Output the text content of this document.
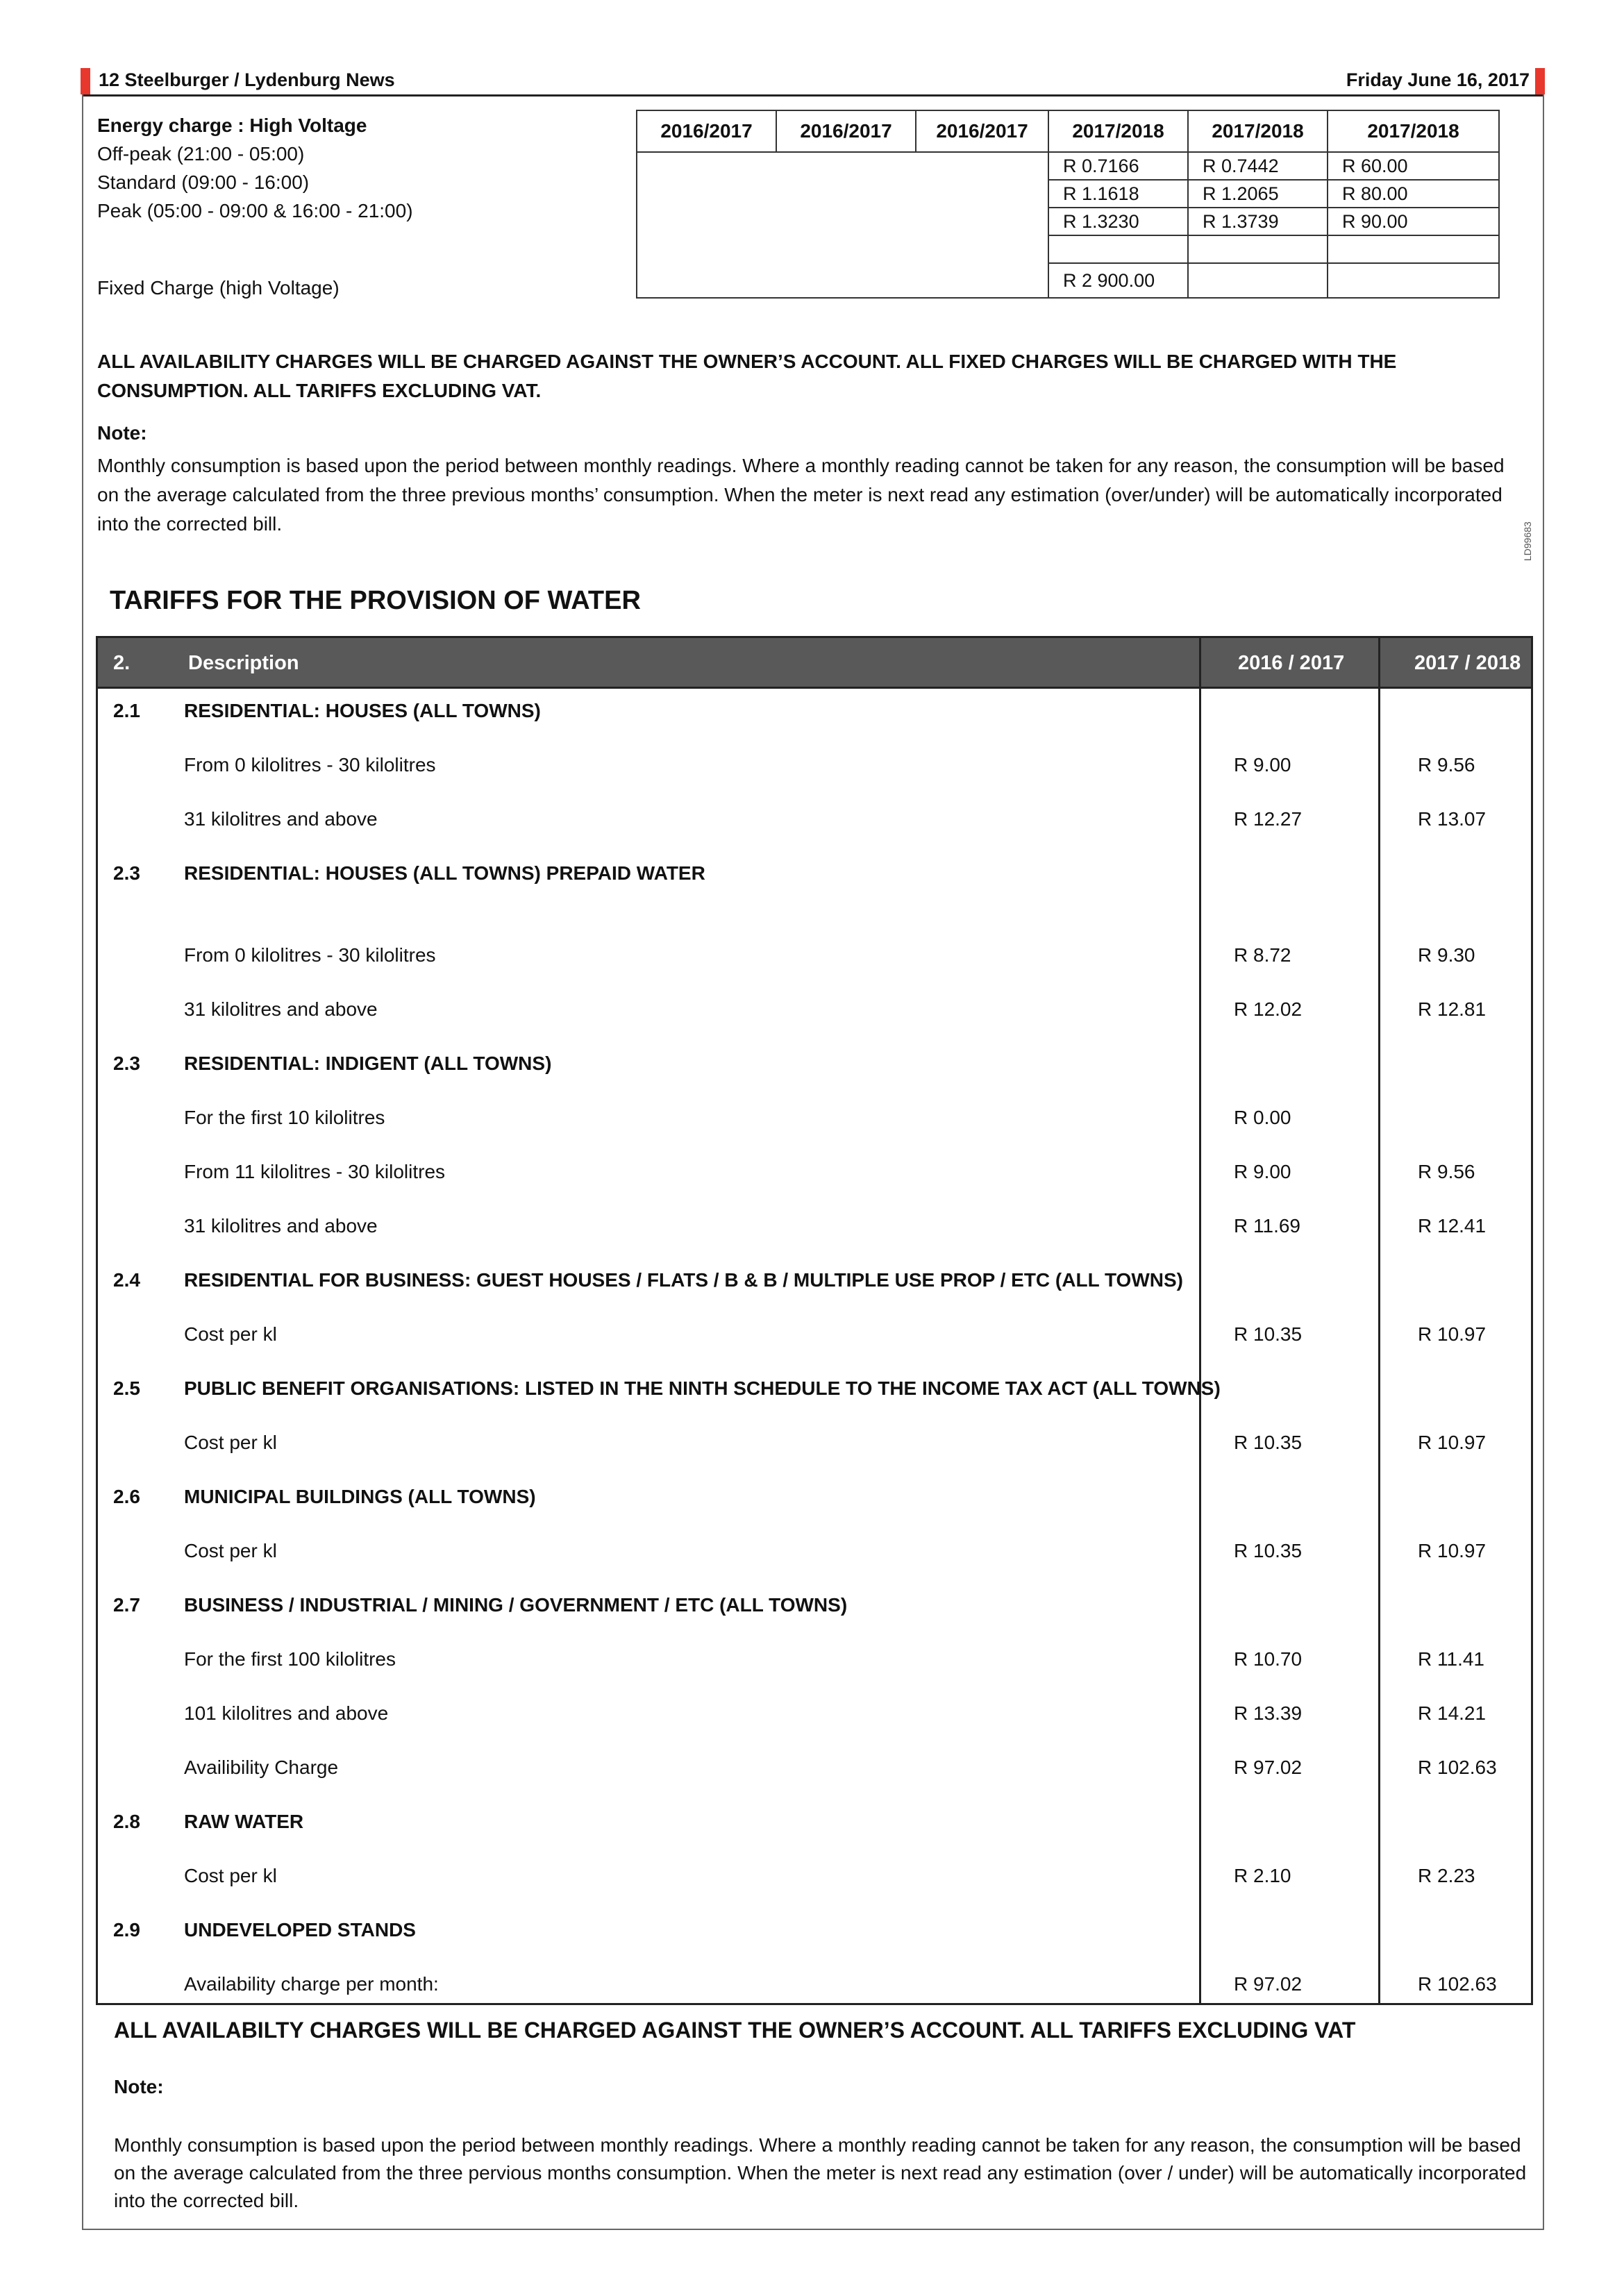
12 Steelburger / Lydenburg News	Friday June 16, 2017
Energy charge : High Voltage
Off-peak (21:00 - 05:00)
Standard (09:00 - 16:00)
Peak (05:00 - 09:00 & 16:00 - 21:00)
Fixed Charge (high Voltage)
2016/2017	2016/2017	2016/2017	2017/2018	2017/2018	2017/2018
			R 0.7166	R 0.7442	R 60.00
			R 1.1618	R 1.2065	R 80.00
			R 1.3230	R 1.3739	R 90.00

			R 2 900.00		
ALL AVAILABILITY CHARGES WILL BE CHARGED AGAINST THE OWNER’S ACCOUNT. ALL FIXED CHARGES WILL BE CHARGED WITH THE CONSUMPTION. ALL TARIFFS EXCLUDING VAT.
Note:
Monthly consumption is based upon the period between monthly readings. Where a monthly reading cannot be taken for any reason, the consumption will be based on the average calculated from the three previous months’ consumption. When the meter is next read any estimation (over/under) will be automatically incorporated into the corrected bill.	LD99683
TARIFFS FOR THE PROVISION OF WATER
2.	Description	2016 / 2017	2017 / 2018
2.1 RESIDENTIAL: HOUSES (ALL TOWNS)
From 0 kilolitres - 30 kilolitres	R 9.00	R 9.56
31 kilolitres and above	R 12.27	R 13.07
2.3 RESIDENTIAL: HOUSES (ALL TOWNS) PREPAID WATER
From 0 kilolitres - 30 kilolitres	R 8.72	R 9.30
31 kilolitres and above	R 12.02	R 12.81
2.3 RESIDENTIAL: INDIGENT (ALL TOWNS)
For the first 10 kilolitres	R 0.00
From 11 kilolitres - 30 kilolitres	R 9.00	R 9.56
31 kilolitres and above	R 11.69	R 12.41
2.4 RESIDENTIAL FOR BUSINESS: GUEST HOUSES / FLATS / B & B / MULTIPLE USE PROP / ETC (ALL TOWNS)
Cost per kl	R 10.35	R 10.97
2.5 PUBLIC BENEFIT ORGANISATIONS: LISTED IN THE NINTH SCHEDULE TO THE INCOME TAX ACT (ALL TOWNS)
Cost per kl	R 10.35	R 10.97
2.6 MUNICIPAL BUILDINGS (ALL TOWNS)
Cost per kl	R 10.35	R 10.97
2.7 BUSINESS / INDUSTRIAL / MINING / GOVERNMENT / ETC (ALL TOWNS)
For the first 100 kilolitres	R 10.70	R 11.41
101 kilolitres and above	R 13.39	R 14.21
Availibility Charge	R 97.02	R 102.63
2.8 RAW WATER
Cost per kl	R 2.10	R 2.23
2.9 UNDEVELOPED STANDS
Availability charge per month:	R 97.02	R 102.63
ALL AVAILABILTY CHARGES WILL BE CHARGED AGAINST THE OWNER’S ACCOUNT. ALL TARIFFS EXCLUDING VAT
Note:
Monthly consumption is based upon the period between monthly readings. Where a monthly reading cannot be taken for any reason, the consumption will be based on the average calculated from the three pervious months consumption. When the meter is next read any estimation (over / under) will be automatically incorporated into the corrected bill.
